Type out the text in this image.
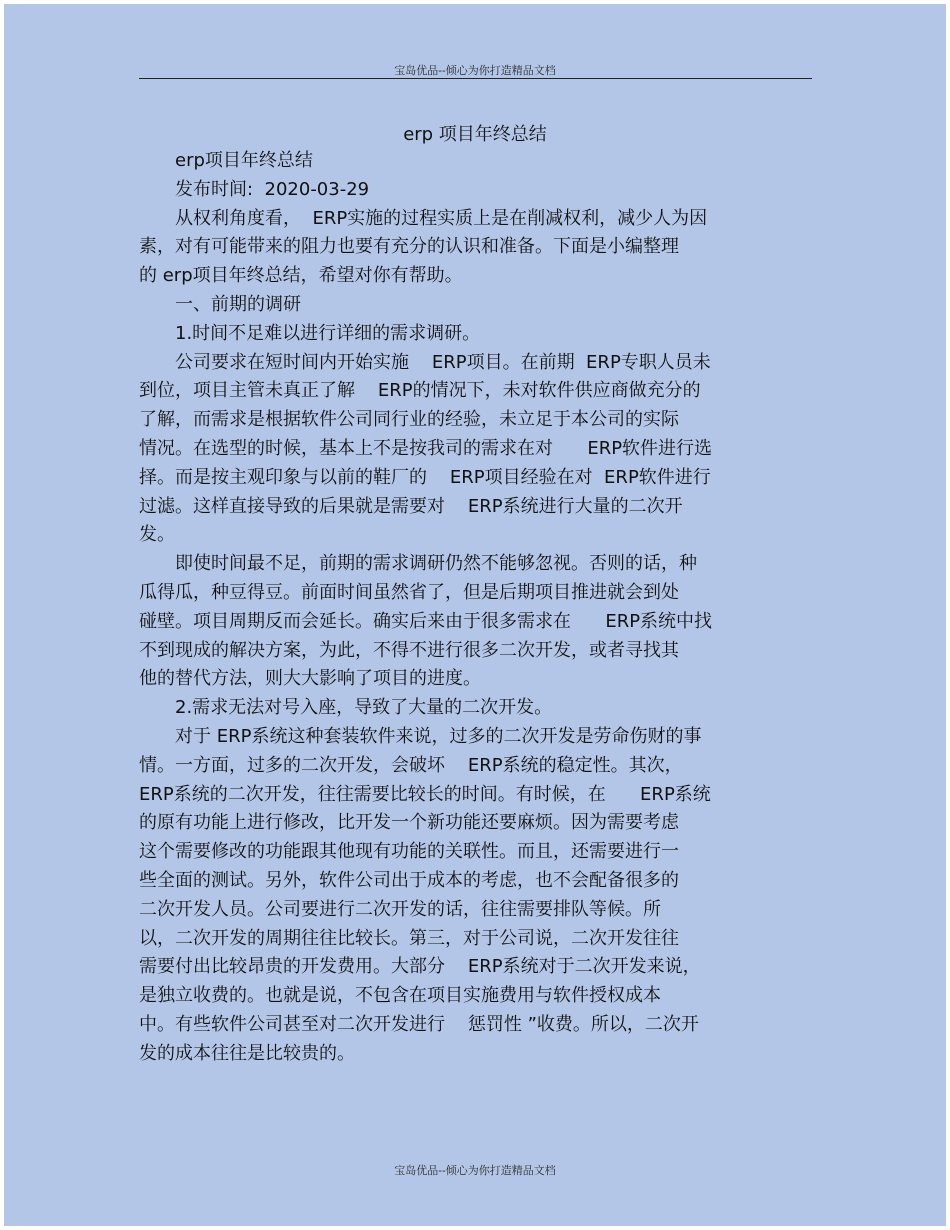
宝岛优品--倾心为你打造精品文档
erp 项目年终总结
erp项目年终总结
发布时间:  2020-03-29
从权利角度看，  ERP实施的过程实质上是在削减权利，减少人为因
素，对有可能带来的阻力也要有充分的认识和准备。下面是小编整理
的 erp项目年终总结，希望对你有帮助。
一、前期的调研
1.时间不足难以进行详细的需求调研。
公司要求在短时间内开始实施    ERP项目。在前期  ERP专职人员未
到位，项目主管未真正了解    ERP的情况下，未对软件供应商做充分的
了解，而需求是根据软件公司同行业的经验，未立足于本公司的实际
情况。在选型的时候，基本上不是按我司的需求在对      ERP软件进行选
择。而是按主观印象与以前的鞋厂的    ERP项目经验在对  ERP软件进行
过滤。这样直接导致的后果就是需要对    ERP系统进行大量的二次开
发。
即使时间最不足，前期的需求调研仍然不能够忽视。否则的话，种
瓜得瓜，种豆得豆。前面时间虽然省了，但是后期项目推进就会到处
碰壁。项目周期反而会延长。确实后来由于很多需求在      ERP系统中找
不到现成的解决方案，为此，不得不进行很多二次开发，或者寻找其
他的替代方法，则大大影响了项目的进度。
2.需求无法对号入座，导致了大量的二次开发。
对于 ERP系统这种套装软件来说，过多的二次开发是劳命伤财的事
情。一方面，过多的二次开发，会破坏    ERP系统的稳定性。其次，
ERP系统的二次开发，往往需要比较长的时间。有时候，在      ERP系统
的原有功能上进行修改，比开发一个新功能还要麻烦。因为需要考虑
这个需要修改的功能跟其他现有功能的关联性。而且，还需要进行一
些全面的测试。另外，软件公司出于成本的考虑，也不会配备很多的
二次开发人员。公司要进行二次开发的话，往往需要排队等候。所
以，二次开发的周期往往比较长。第三，对于公司说，二次开发往往
需要付出比较昂贵的开发费用。大部分    ERP系统对于二次开发来说，
是独立收费的。也就是说，不包含在项目实施费用与软件授权成本
中。有些软件公司甚至对二次开发进行    惩罚性 ”收费。所以，二次开
发的成本往往是比较贵的。
宝岛优品--倾心为你打造精品文档
